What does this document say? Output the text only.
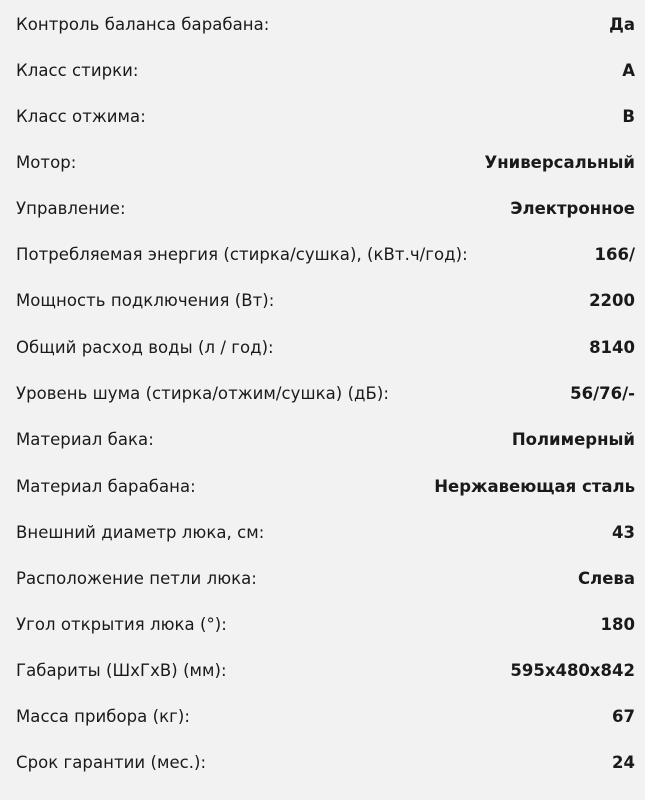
Контроль баланса барабана:	Да
Класс стирки:	A
Класс отжима:	B
Мотор:	Универсальный
Управление:	Электронное
Потребляемая энергия (стирка/сушка), (кВт.ч/год):	166/
Мощность подключения (Вт):	2200
Общий расход воды (л / год):	8140
Уровень шума (стирка/отжим/сушка) (дБ):	56/76/-
Материал бака:	Полимерный
Материал барабана:	Нержавеющая сталь
Внешний диаметр люка, см:	43
Расположение петли люка:	Слева
Угол открытия люка (°):	180
Габариты (ШхГхВ) (мм):	595x480x842
Масса прибора (кг):	67
Срок гарантии (мес.):	24
